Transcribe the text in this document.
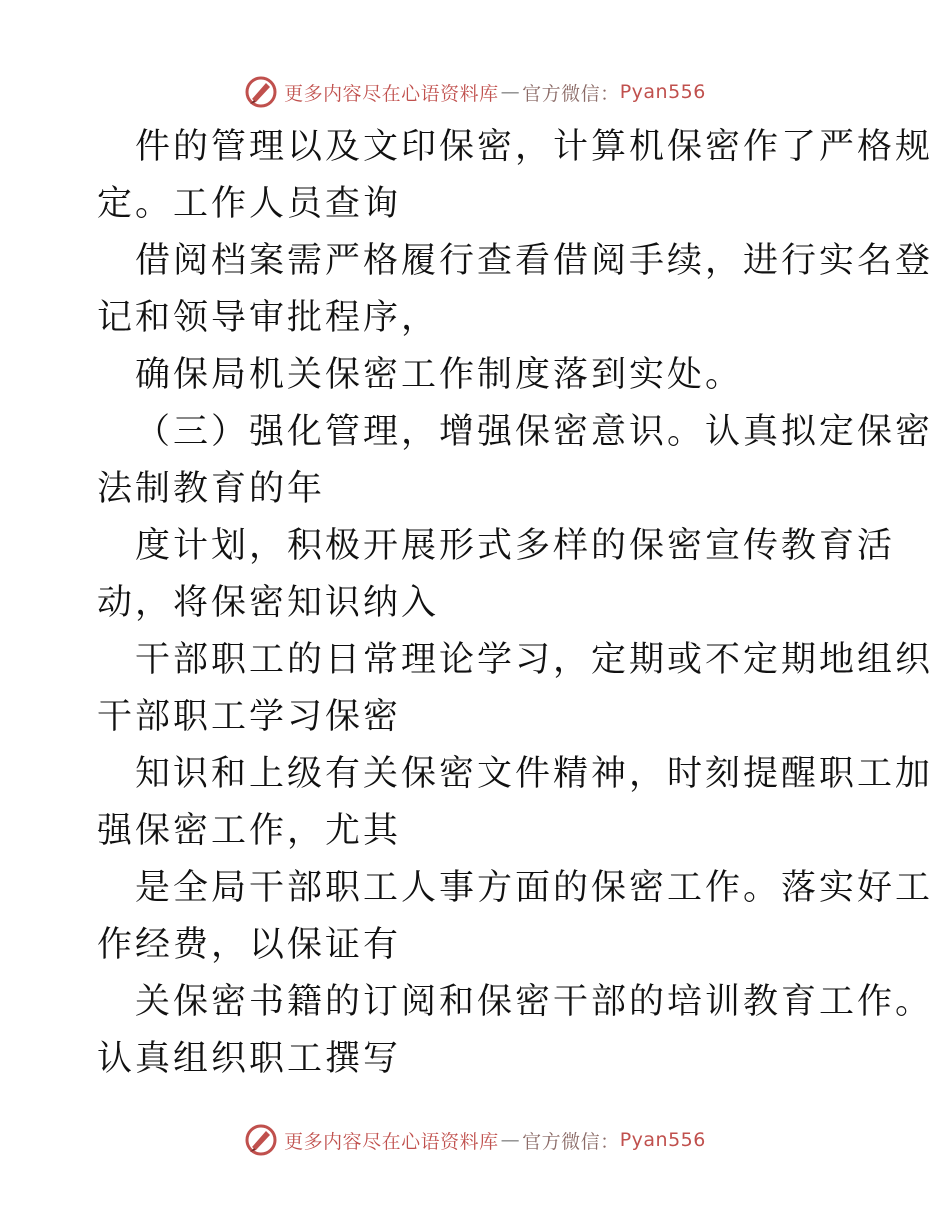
更多内容尽在心语资料库 — 官方微信： Pyan556
件的管理以及文印保密，计算机保密作了严格规
定。工作人员查询
借阅档案需严格履行查看借阅手续，进行实名登
记和领导审批程序，
确保局机关保密工作制度落到实处。
（三）强化管理，增强保密意识。认真拟定保密
法制教育的年
度计划，积极开展形式多样的保密宣传教育活
动，将保密知识纳入
干部职工的日常理论学习，定期或不定期地组织
干部职工学习保密
知识和上级有关保密文件精神，时刻提醒职工加
强保密工作，尤其
是全局干部职工人事方面的保密工作。落实好工
作经费，以保证有
关保密书籍的订阅和保密干部的培训教育工作。
认真组织职工撰写
更多内容尽在心语资料库 — 官方微信： Pyan556
